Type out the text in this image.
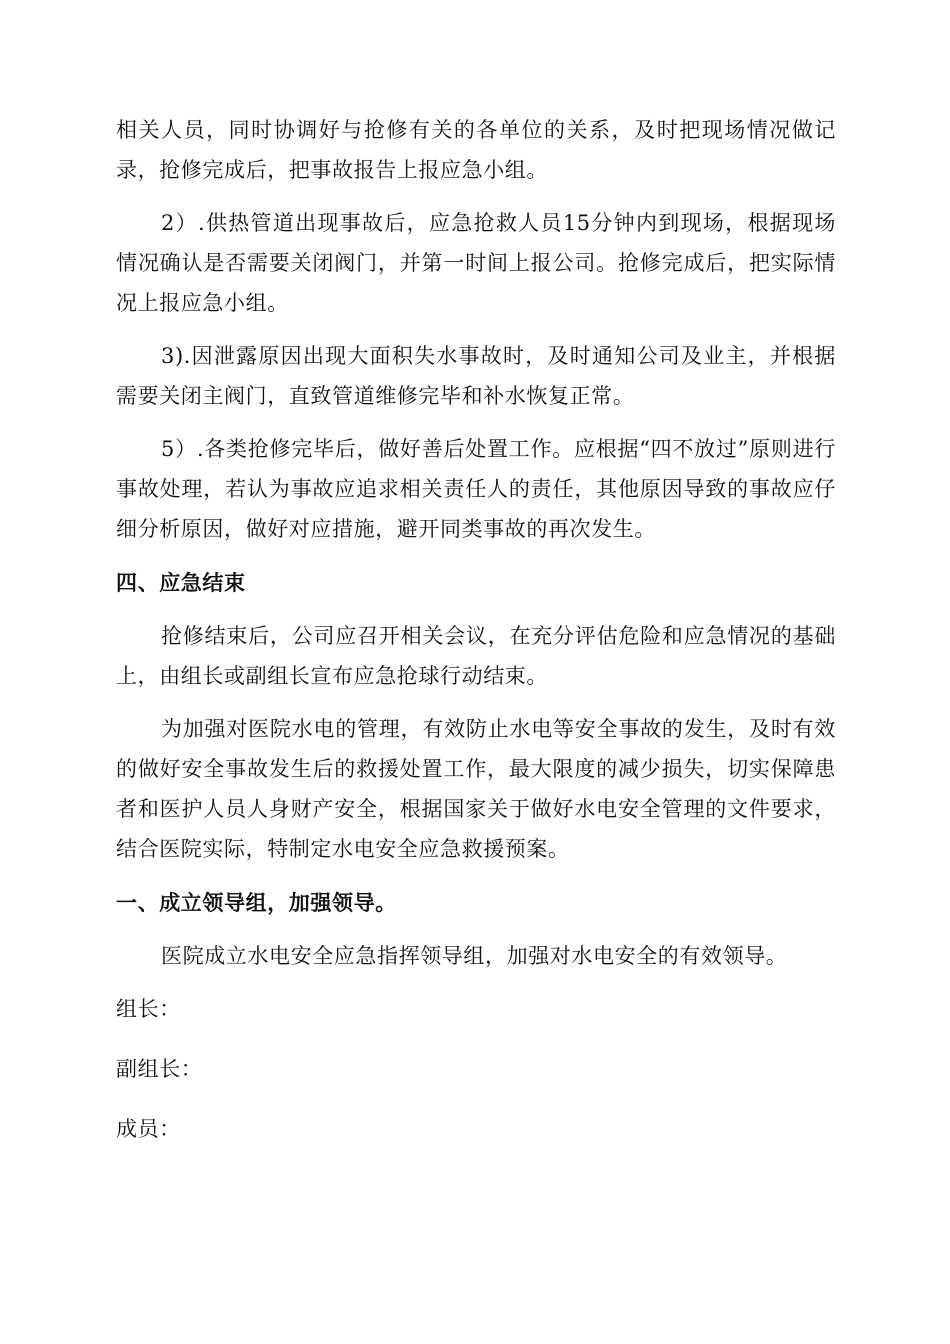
相关人员，同时协调好与抢修有关的各单位的关系，及时把现场情况做记录，抢修完成后，把事故报告上报应急小组。

2）.供热管道出现事故后，应急抢救人员15分钟内到现场，根据现场情况确认是否需要关闭阀门，并第一时间上报公司。抢修完成后，把实际情况上报应急小组。

3).因泄露原因出现大面积失水事故时，及时通知公司及业主，并根据需要关闭主阀门，直致管道维修完毕和补水恢复正常。

5）.各类抢修完毕后，做好善后处置工作。应根据“四不放过”原则进行事故处理，若认为事故应追求相关责任人的责任，其他原因导致的事故应仔细分析原因，做好对应措施，避开同类事故的再次发生。

四、应急结束

抢修结束后，公司应召开相关会议，在充分评估危险和应急情况的基础上，由组长或副组长宣布应急抢球行动结束。

为加强对医院水电的管理，有效防止水电等安全事故的发生，及时有效的做好安全事故发生后的救援处置工作，最大限度的减少损失，切实保障患者和医护人员人身财产安全，根据国家关于做好水电安全管理的文件要求，结合医院实际，特制定水电安全应急救援预案。

一、成立领导组，加强领导。

医院成立水电安全应急指挥领导组，加强对水电安全的有效领导。

组长：

副组长：

成员：
